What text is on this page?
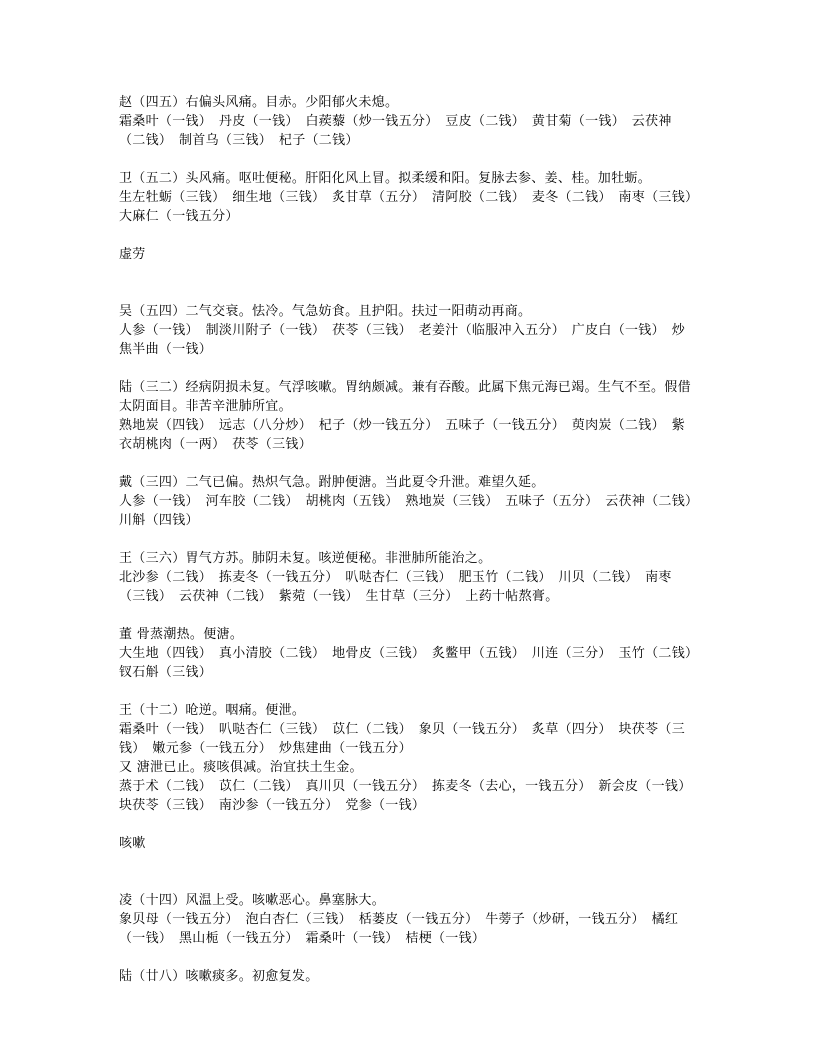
赵（四五）右偏头风痛。目赤。少阳郁火未熄。

霜桑叶（一钱）　丹皮（一钱）　白蒺藜（炒一钱五分）　豆皮（二钱）　黄甘菊（一钱）　云茯神（二钱）　制首乌（三钱）　杞子（二钱）

卫（五二）头风痛。呕吐便秘。肝阳化风上冒。拟柔缓和阳。复脉去参、姜、桂。加牡蛎。

生左牡蛎（三钱）　细生地（三钱）　炙甘草（五分）　清阿胶（二钱）　麦冬（二钱）　南枣（三钱）　大麻仁（一钱五分）

虚劳

吴（五四）二气交衰。怯冷。气急妨食。且护阳。扶过一阳萌动再商。

人参（一钱）　制淡川附子（一钱）　茯苓（三钱）　老姜汁（临服冲入五分）　广皮白（一钱）　炒焦半曲（一钱）

陆（三二）经病阴损未复。气浮咳嗽。胃纳颇减。兼有吞酸。此属下焦元海已竭。生气不至。假借太阴面目。非苦辛泄肺所宜。

熟地炭（四钱）　远志（八分炒）　杞子（炒一钱五分）　五味子（一钱五分）　萸肉炭（二钱）　紫衣胡桃肉（一两）　茯苓（三钱）

戴（三四）二气已偏。热炽气急。跗肿便溏。当此夏令升泄。难望久延。

人参（一钱）　河车胶（二钱）　胡桃肉（五钱）　熟地炭（三钱）　五味子（五分）　云茯神（二钱）　川斛（四钱）

王（三六）胃气方苏。肺阴未复。咳逆便秘。非泄肺所能治之。

北沙参（二钱）　拣麦冬（一钱五分）　叭哒杏仁（三钱）　肥玉竹（二钱）　川贝（二钱）　南枣（三钱）　云茯神（二钱）　紫菀（一钱）　生甘草（三分）　上药十帖熬膏。

董 骨蒸潮热。便溏。

大生地（四钱）　真小清胶（二钱）　地骨皮（三钱）　炙鳖甲（五钱）　川连（三分）　玉竹（二钱）　钗石斛（三钱）

王（十二）呛逆。咽痛。便泄。

霜桑叶（一钱）　叭哒杏仁（三钱）　苡仁（二钱）　象贝（一钱五分）　炙草（四分）　块茯苓（三钱）　嫩元参（一钱五分）　炒焦建曲（一钱五分）

又 溏泄已止。痰咳俱减。治宜扶土生金。

蒸于术（二钱）　苡仁（二钱）　真川贝（一钱五分）　拣麦冬（去心，一钱五分）　新会皮（一钱）　块茯苓（三钱）　南沙参（一钱五分）　党参（一钱）

咳嗽

凌（十四）风温上受。咳嗽恶心。鼻塞脉大。

象贝母（一钱五分）　泡白杏仁（三钱）　栝蒌皮（一钱五分）　牛蒡子（炒研，一钱五分）　橘红（一钱）　黑山栀（一钱五分）　霜桑叶（一钱）　桔梗（一钱）

陆（廿八）咳嗽痰多。初愈复发。
